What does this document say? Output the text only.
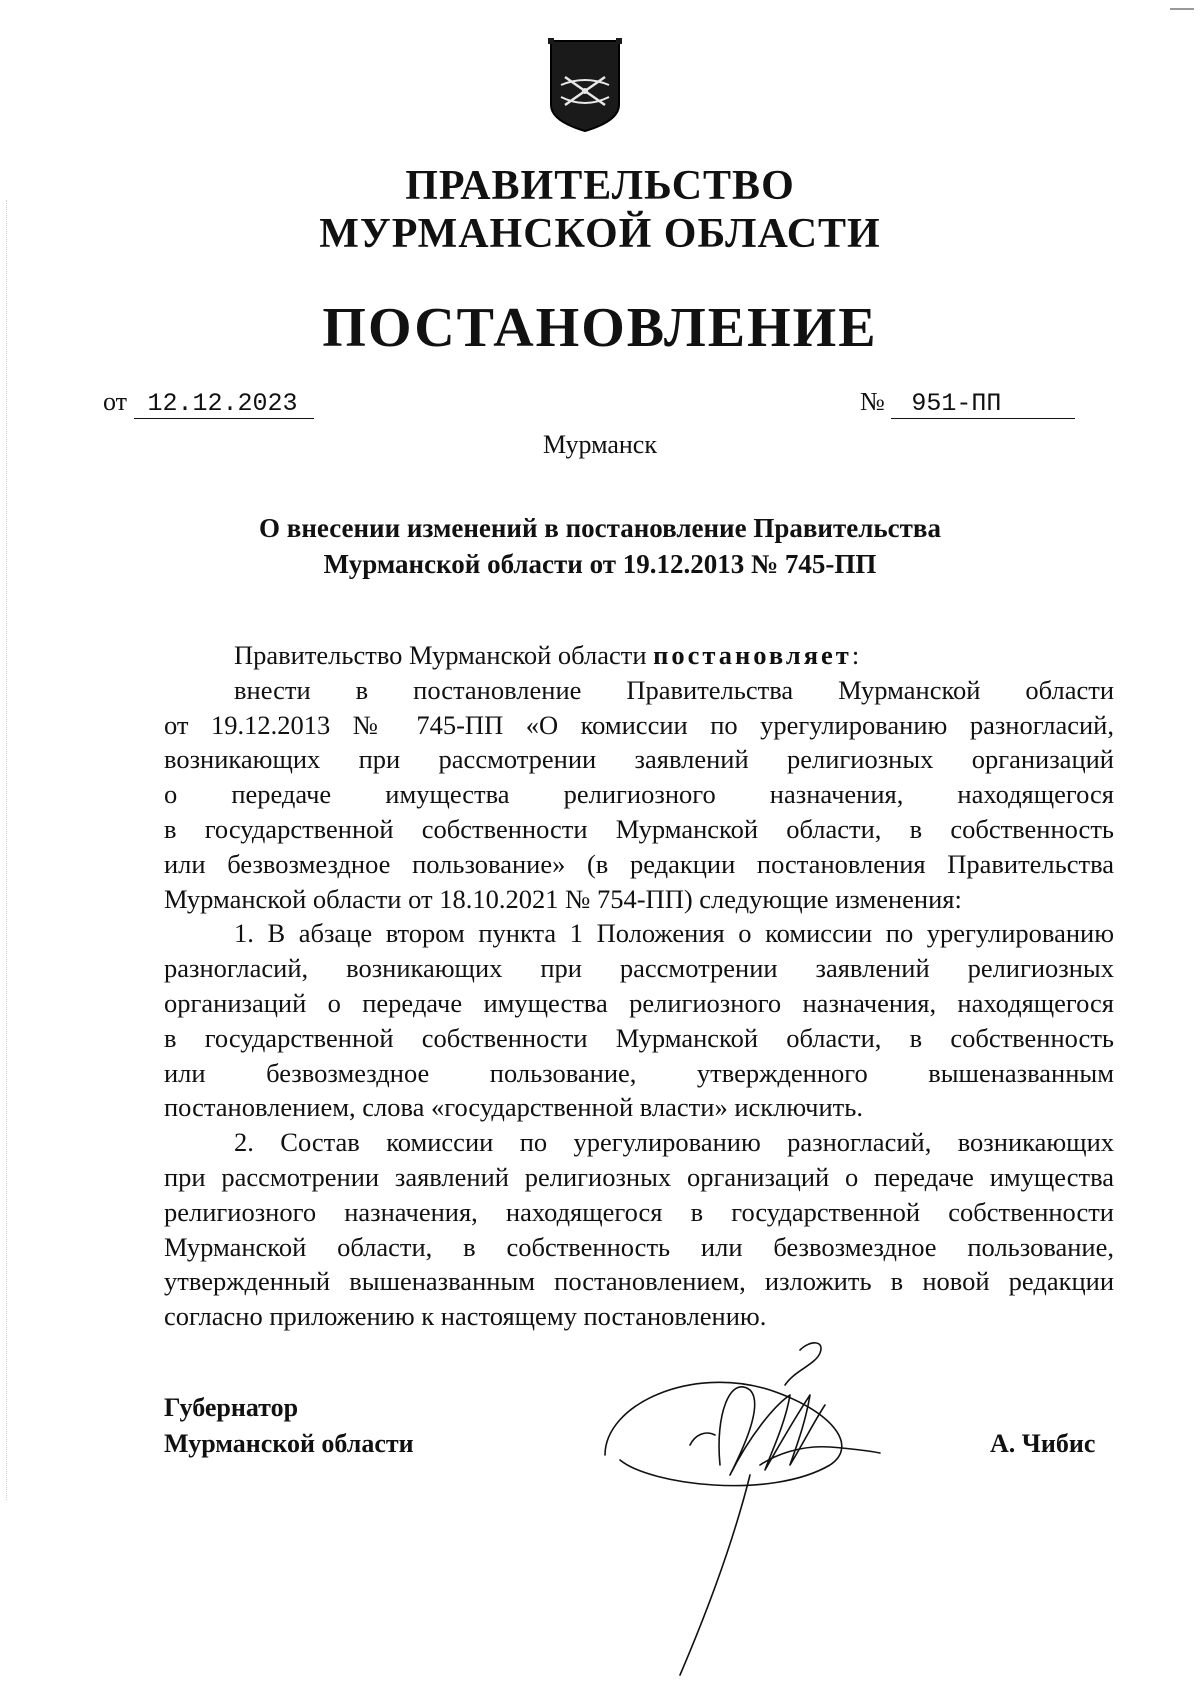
ПРАВИТЕЛЬСТВО
МУРМАНСКОЙ ОБЛАСТИ
ПОСТАНОВЛЕНИЕ
от 12.12.2023	№ 951-ПП
Мурманск
О внесении изменений в постановление Правительства
Мурманской области от 19.12.2013 № 745-ПП
Правительство Мурманской области постановляет:
внести в постановление Правительства Мурманской области
от 19.12.2013 № 745-ПП «О комиссии по урегулированию разногласий,
возникающих при рассмотрении заявлений религиозных организаций
о передаче имущества религиозного назначения, находящегося
в государственной собственности Мурманской области, в собственность
или безвозмездное пользование» (в редакции постановления Правительства
Мурманской области от 18.10.2021 № 754-ПП) следующие изменения:
1. В абзаце втором пункта 1 Положения о комиссии по урегулированию
разногласий, возникающих при рассмотрении заявлений религиозных
организаций о передаче имущества религиозного назначения, находящегося
в государственной собственности Мурманской области, в собственность
или безвозмездное пользование, утвержденного вышеназванным
постановлением, слова «государственной власти» исключить.
2. Состав комиссии по урегулированию разногласий, возникающих
при рассмотрении заявлений религиозных организаций о передаче имущества
религиозного назначения, находящегося в государственной собственности
Мурманской области, в собственность или безвозмездное пользование,
утвержденный вышеназванным постановлением, изложить в новой редакции
согласно приложению к настоящему постановлению.
Губернатор
Мурманской области	А. Чибис
